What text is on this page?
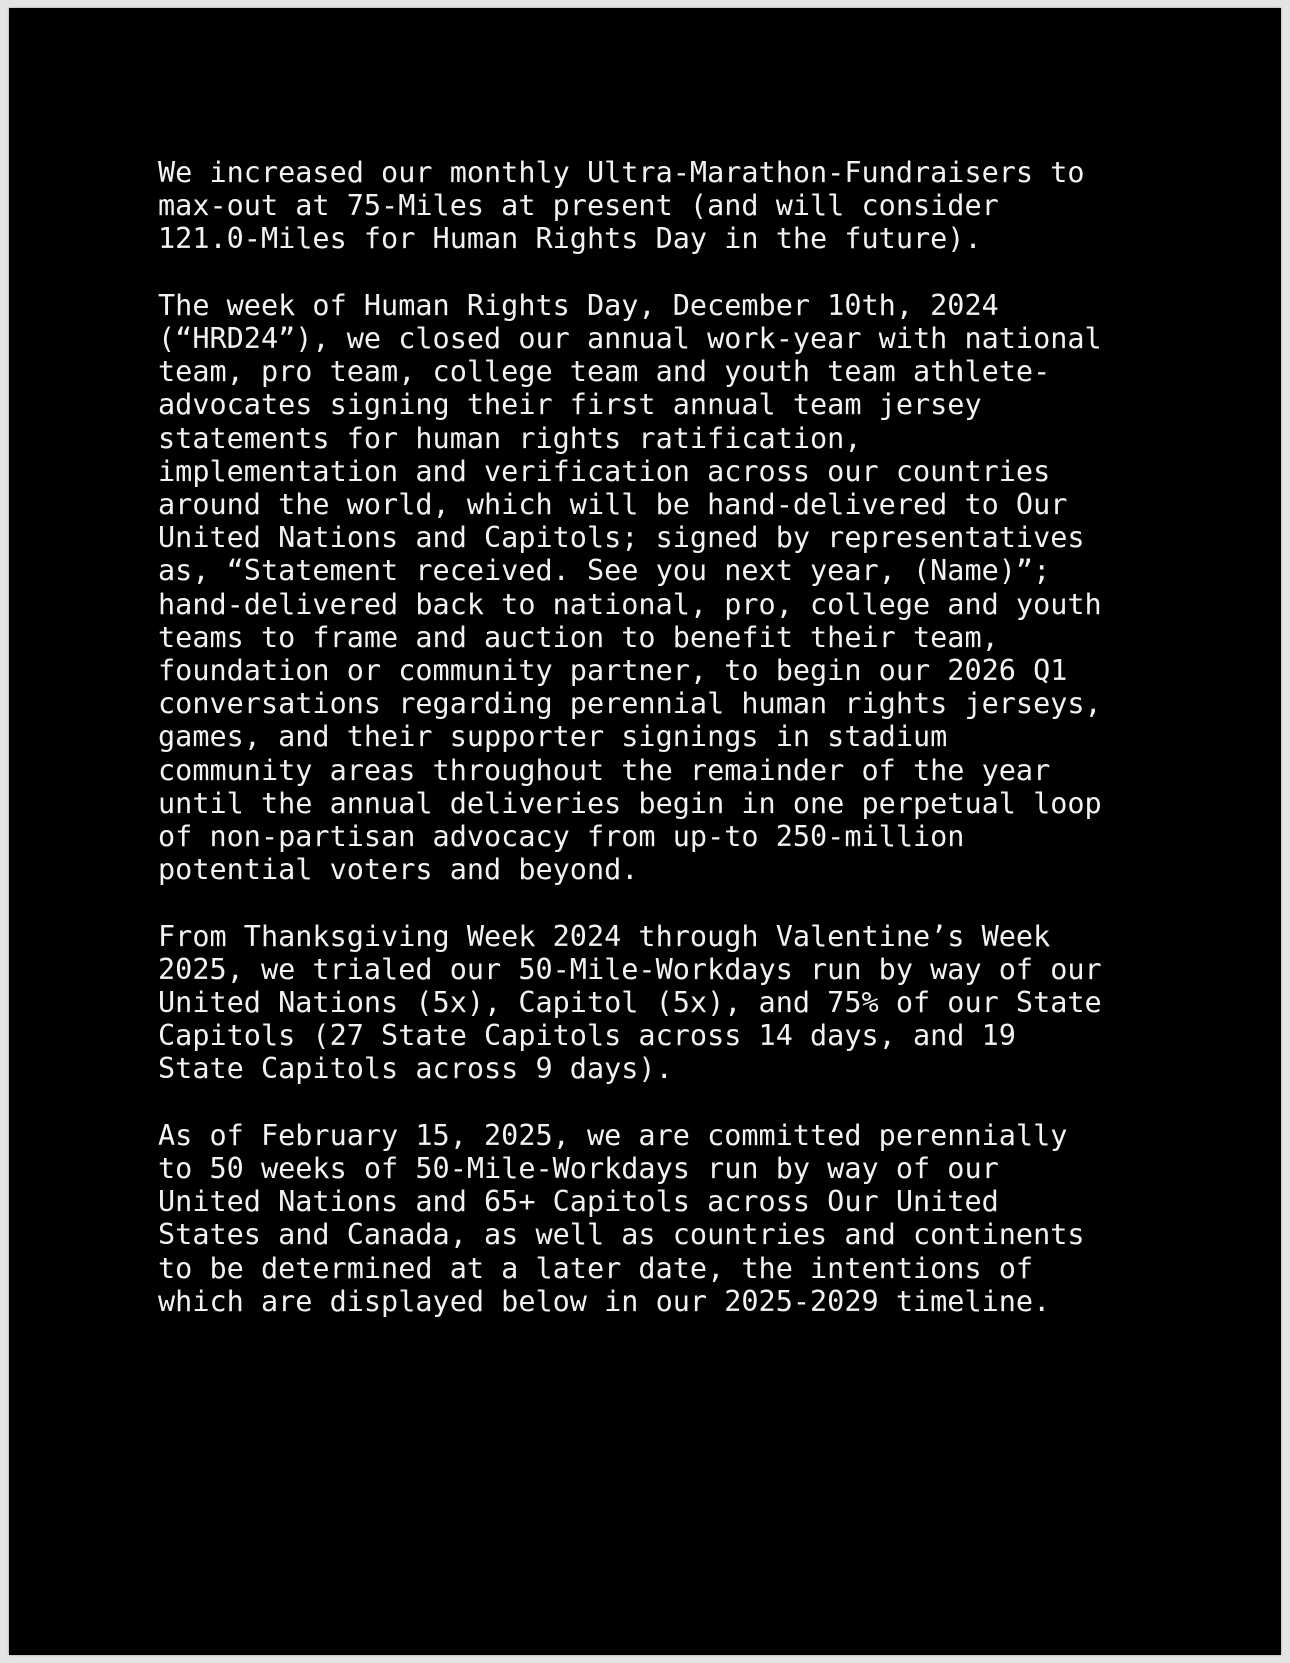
We increased our monthly Ultra-Marathon-Fundraisers to
max-out at 75-Miles at present (and will consider
121.0-Miles for Human Rights Day in the future).
The week of Human Rights Day, December 10th, 2024
(“HRD24”), we closed our annual work-year with national
team, pro team, college team and youth team athlete-
advocates signing their first annual team jersey
statements for human rights ratification,
implementation and verification across our countries
around the world, which will be hand-delivered to Our
United Nations and Capitols; signed by representatives
as, “Statement received. See you next year, (Name)”;
hand-delivered back to national, pro, college and youth
teams to frame and auction to benefit their team,
foundation or community partner, to begin our 2026 Q1
conversations regarding perennial human rights jerseys,
games, and their supporter signings in stadium
community areas throughout the remainder of the year
until the annual deliveries begin in one perpetual loop
of non-partisan advocacy from up-to 250-million
potential voters and beyond.
From Thanksgiving Week 2024 through Valentine’s Week
2025, we trialed our 50-Mile-Workdays run by way of our
United Nations (5x), Capitol (5x), and 75% of our State
Capitols (27 State Capitols across 14 days, and 19
State Capitols across 9 days).
As of February 15, 2025, we are committed perennially
to 50 weeks of 50-Mile-Workdays run by way of our
United Nations and 65+ Capitols across Our United
States and Canada, as well as countries and continents
to be determined at a later date, the intentions of
which are displayed below in our 2025-2029 timeline.
